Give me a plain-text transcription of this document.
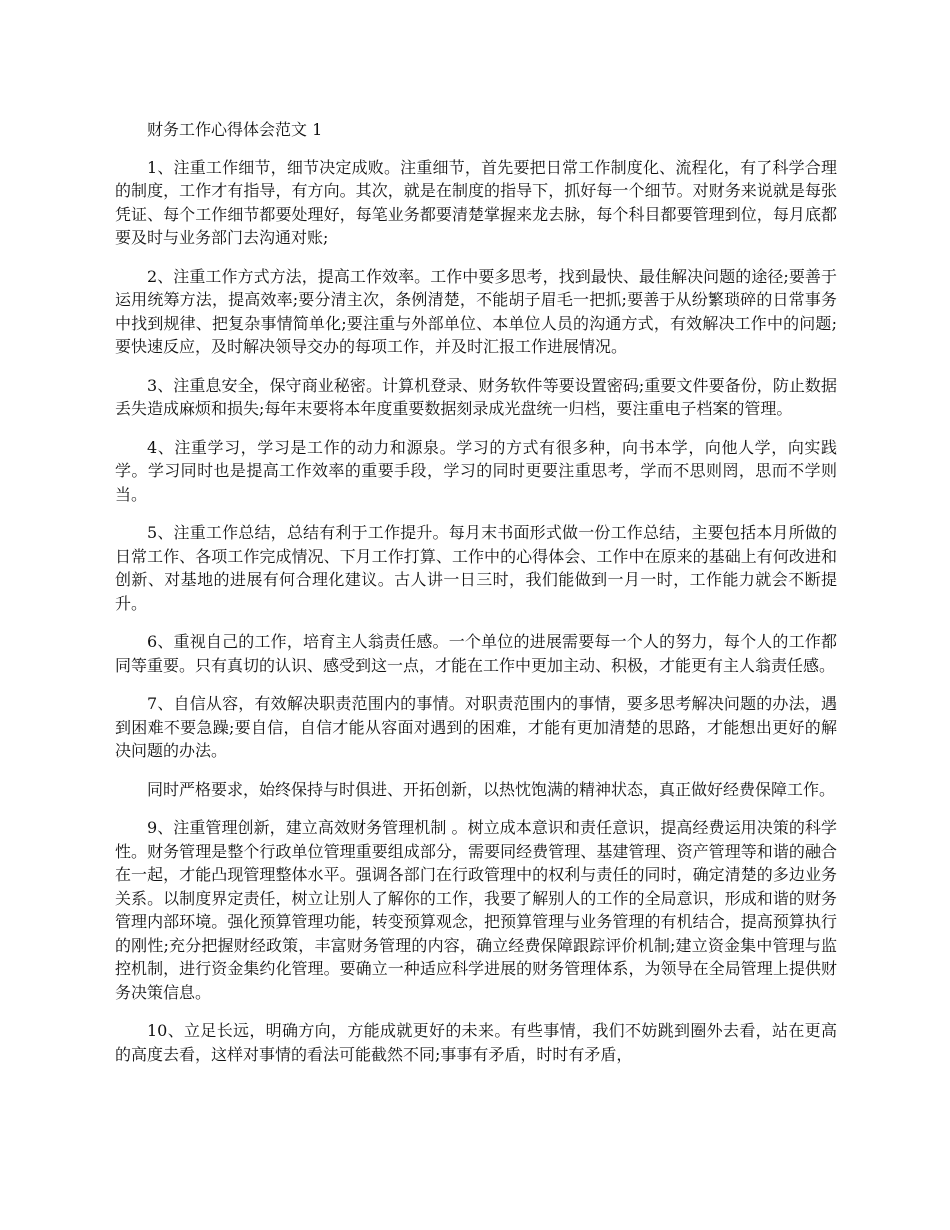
财务工作心得体会范文 1

1、注重工作细节，细节决定成败。注重细节，首先要把日常工作制度化、流程化，有了科学合理的制度，工作才有指导，有方向。其次，就是在制度的指导下，抓好每一个细节。对财务来说就是每张凭证、每个工作细节都要处理好，每笔业务都要清楚掌握来龙去脉，每个科目都要管理到位，每月底都要及时与业务部门去沟通对账;

2、注重工作方式方法，提高工作效率。工作中要多思考，找到最快、最佳解决问题的途径;要善于运用统筹方法，提高效率;要分清主次，条例清楚，不能胡子眉毛一把抓;要善于从纷繁琐碎的日常事务中找到规律、把复杂事情简单化;要注重与外部单位、本单位人员的沟通方式，有效解决工作中的问题;要快速反应，及时解决领导交办的每项工作，并及时汇报工作进展情况。

3、注重息安全，保守商业秘密。计算机登录、财务软件等要设置密码;重要文件要备份，防止数据丢失造成麻烦和损失;每年末要将本年度重要数据刻录成光盘统一归档，要注重电子档案的管理。

4、注重学习，学习是工作的动力和源泉。学习的方式有很多种，向书本学，向他人学，向实践学。学习同时也是提高工作效率的重要手段，学习的同时更要注重思考，学而不思则罔，思而不学则当。

5、注重工作总结，总结有利于工作提升。每月末书面形式做一份工作总结，主要包括本月所做的日常工作、各项工作完成情况、下月工作打算、工作中的心得体会、工作中在原来的基础上有何改进和创新、对基地的进展有何合理化建议。古人讲一日三时，我们能做到一月一时，工作能力就会不断提升。

6、重视自己的工作，培育主人翁责任感。一个单位的进展需要每一个人的努力，每个人的工作都同等重要。只有真切的认识、感受到这一点，才能在工作中更加主动、积极，才能更有主人翁责任感。

7、自信从容，有效解决职责范围内的事情。对职责范围内的事情，要多思考解决问题的办法，遇到困难不要急躁;要自信，自信才能从容面对遇到的困难，才能有更加清楚的思路，才能想出更好的解决问题的办法。

同时严格要求，始终保持与时俱进、开拓创新，以热忱饱满的精神状态，真正做好经费保障工作。

9、注重管理创新，建立高效财务管理机制 。树立成本意识和责任意识，提高经费运用决策的科学性。财务管理是整个行政单位管理重要组成部分，需要同经费管理、基建管理、资产管理等和谐的融合在一起，才能凸现管理整体水平。强调各部门在行政管理中的权利与责任的同时，确定清楚的多边业务关系。以制度界定责任，树立让别人了解你的工作，我要了解别人的工作的全局意识，形成和谐的财务管理内部环境。强化预算管理功能，转变预算观念，把预算管理与业务管理的有机结合，提高预算执行的刚性;充分把握财经政策，丰富财务管理的内容，确立经费保障跟踪评价机制;建立资金集中管理与监控机制，进行资金集约化管理。要确立一种适应科学进展的财务管理体系，为领导在全局管理上提供财务决策信息。

10、立足长远，明确方向，方能成就更好的未来。有些事情，我们不妨跳到圈外去看，站在更高的高度去看，这样对事情的看法可能截然不同;事事有矛盾，时时有矛盾，
